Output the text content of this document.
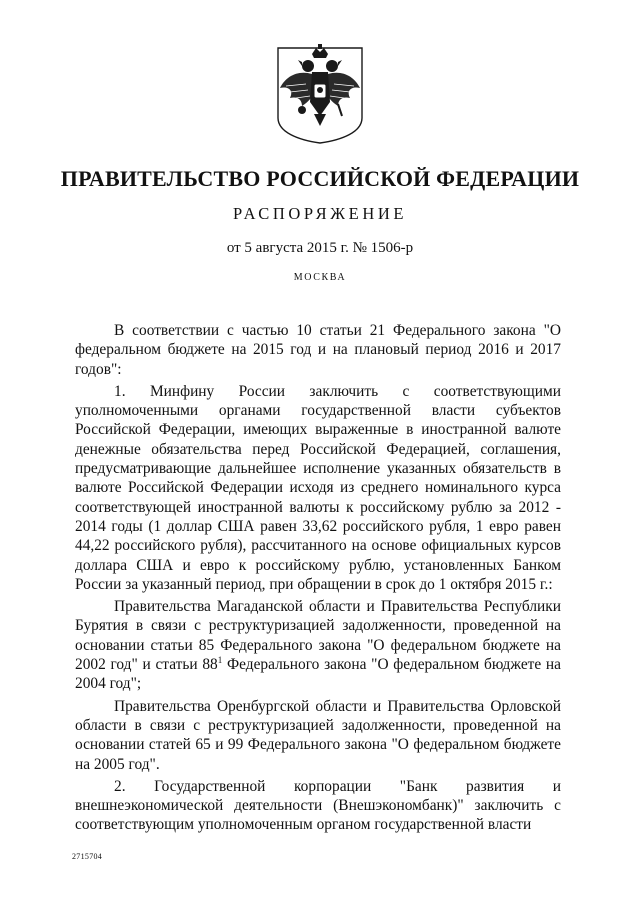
ПРАВИТЕЛЬСТВО РОССИЙСКОЙ ФЕДЕРАЦИИ
РАСПОРЯЖЕНИЕ
от 5 августа 2015 г. № 1506-р
МОСКВА

В соответствии с частью 10 статьи 21 Федерального закона "О федеральном бюджете на 2015 год и на плановый период 2016 и 2017 годов":

1. Минфину России заключить с соответствующими уполномоченными органами государственной власти субъектов Российской Федерации, имеющих выраженные в иностранной валюте денежные обязательства перед Российской Федерацией, соглашения, предусматривающие дальнейшее исполнение указанных обязательств в валюте Российской Федерации исходя из среднего номинального курса соответствующей иностранной валюты к российскому рублю за 2012 - 2014 годы (1 доллар США равен 33,62 российского рубля, 1 евро равен 44,22 российского рубля), рассчитанного на основе официальных курсов доллара США и евро к российскому рублю, установленных Банком России за указанный период, при обращении в срок до 1 октября 2015 г.:

Правительства Магаданской области и Правительства Республики Бурятия в связи с реструктуризацией задолженности, проведенной на основании статьи 85 Федерального закона "О федеральном бюджете на 2002 год" и статьи $88^1$ Федерального закона "О федеральном бюджете на 2004 год";

Правительства Оренбургской области и Правительства Орловской области в связи с реструктуризацией задолженности, проведенной на основании статей 65 и 99 Федерального закона "О федеральном бюджете на 2005 год".

2. Государственной корпорации "Банк развития и внешнеэкономической деятельности (Внешэкономбанк)" заключить с соответствующим уполномоченным органом государственной власти

2715704
